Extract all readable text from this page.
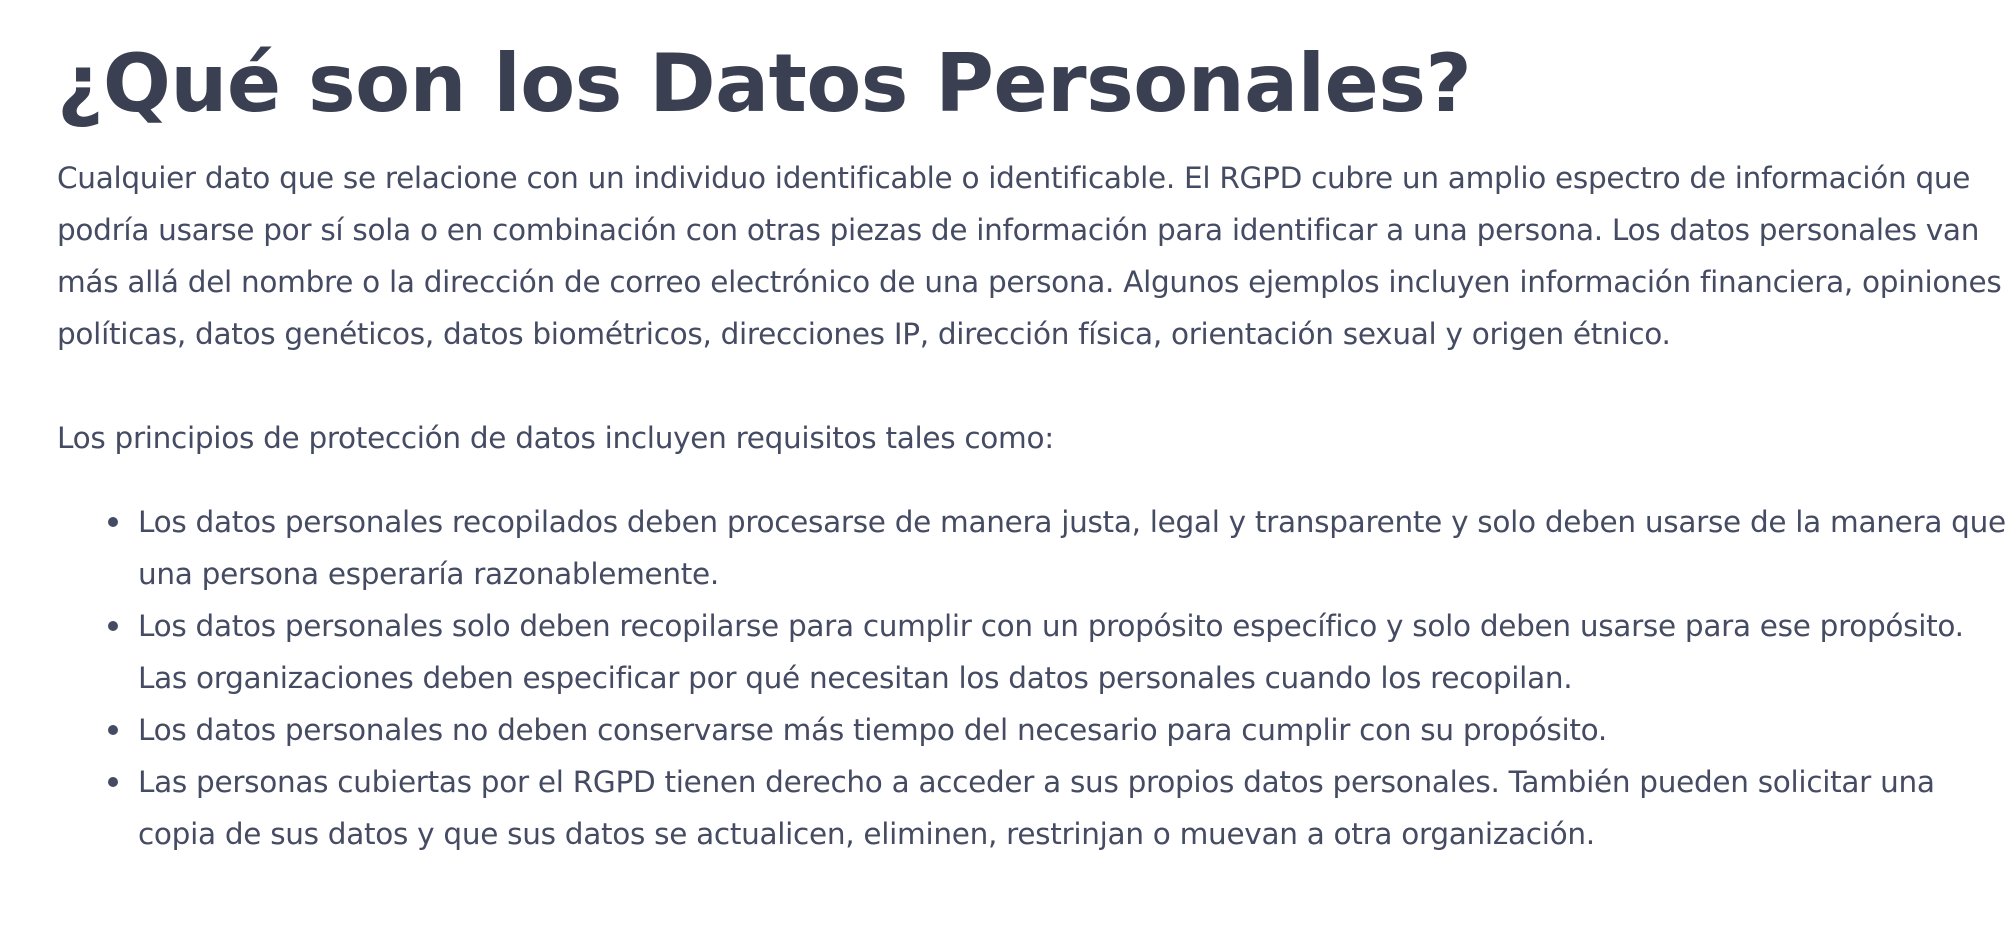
¿Qué son los Datos Personales?

Cualquier dato que se relacione con un individuo identificable o identificable. El RGPD cubre un amplio espectro de información que podría usarse por sí sola o en combinación con otras piezas de información para identificar a una persona. Los datos personales van más allá del nombre o la dirección de correo electrónico de una persona. Algunos ejemplos incluyen información financiera, opiniones políticas, datos genéticos, datos biométricos, direcciones IP, dirección física, orientación sexual y origen étnico.

Los principios de protección de datos incluyen requisitos tales como:

Los datos personales recopilados deben procesarse de manera justa, legal y transparente y solo deben usarse de la manera que una persona esperaría razonablemente.
Los datos personales solo deben recopilarse para cumplir con un propósito específico y solo deben usarse para ese propósito. Las organizaciones deben especificar por qué necesitan los datos personales cuando los recopilan.
Los datos personales no deben conservarse más tiempo del necesario para cumplir con su propósito.
Las personas cubiertas por el RGPD tienen derecho a acceder a sus propios datos personales. También pueden solicitar una copia de sus datos y que sus datos se actualicen, eliminen, restrinjan o muevan a otra organización.
